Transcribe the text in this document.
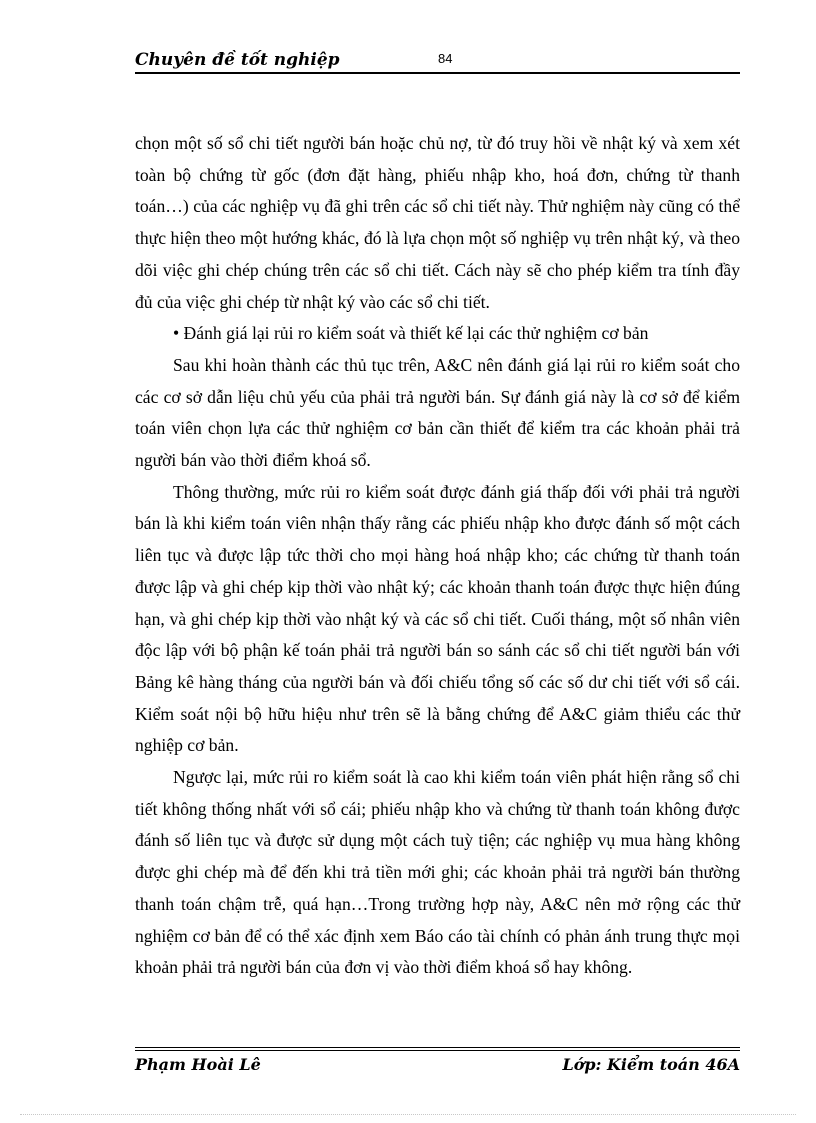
Chuyên đề tốt nghiệp	84

chọn một số sổ chi tiết người bán hoặc chủ nợ, từ đó truy hồi về nhật ký và xem xét toàn bộ chứng từ gốc (đơn đặt hàng, phiếu nhập kho, hoá đơn, chứng từ thanh toán…) của các nghiệp vụ đã ghi trên các sổ chi tiết này. Thử nghiệm này cũng có thể thực hiện theo một hướng khác, đó là lựa chọn một số nghiệp vụ trên nhật ký, và theo dõi việc ghi chép chúng trên các sổ chi tiết. Cách này sẽ cho phép kiểm tra tính đầy đủ của việc ghi chép từ nhật ký vào các sổ chi tiết.

• Đánh giá lại rủi ro kiểm soát và thiết kế lại các thử nghiệm cơ bản

Sau khi hoàn thành các thủ tục trên, A&C nên đánh giá lại rủi ro kiểm soát cho các cơ sở dẫn liệu chủ yếu của phải trả người bán. Sự đánh giá này là cơ sở để kiểm toán viên chọn lựa các thử nghiệm cơ bản cần thiết để kiểm tra các khoản phải trả người bán vào thời điểm khoá sổ.

Thông thường, mức rủi ro kiểm soát được đánh giá thấp đối với phải trả người bán là khi kiểm toán viên nhận thấy rằng các phiếu nhập kho được đánh số một cách liên tục và được lập tức thời cho mọi hàng hoá nhập kho; các chứng từ thanh toán được lập và ghi chép kịp thời vào nhật ký; các khoản thanh toán được thực hiện đúng hạn, và ghi chép kịp thời vào nhật ký và các sổ chi tiết. Cuối tháng, một số nhân viên độc lập với bộ phận kế toán phải trả người bán so sánh các sổ chi tiết người bán với Bảng kê hàng tháng của người bán và đối chiếu tổng số các số dư chi tiết với sổ cái. Kiểm soát nội bộ hữu hiệu như trên sẽ là bằng chứng để A&C giảm thiểu các thử nghiệp cơ bản.

Ngược lại, mức rủi ro kiểm soát là cao khi kiểm toán viên phát hiện rằng sổ chi tiết không thống nhất với sổ cái; phiếu nhập kho và chứng từ thanh toán không được đánh số liên tục và được sử dụng một cách tuỳ tiện; các nghiệp vụ mua hàng không được ghi chép mà để đến khi trả tiền mới ghi; các khoản phải trả người bán thường thanh toán chậm trễ, quá hạn…Trong trường hợp này, A&C nên mở rộng các thử nghiệm cơ bản để có thể xác định xem Báo cáo tài chính có phản ánh trung thực mọi khoản phải trả người bán của đơn vị vào thời điểm khoá sổ hay không.

Phạm Hoài Lê	Lớp: Kiểm toán 46A
